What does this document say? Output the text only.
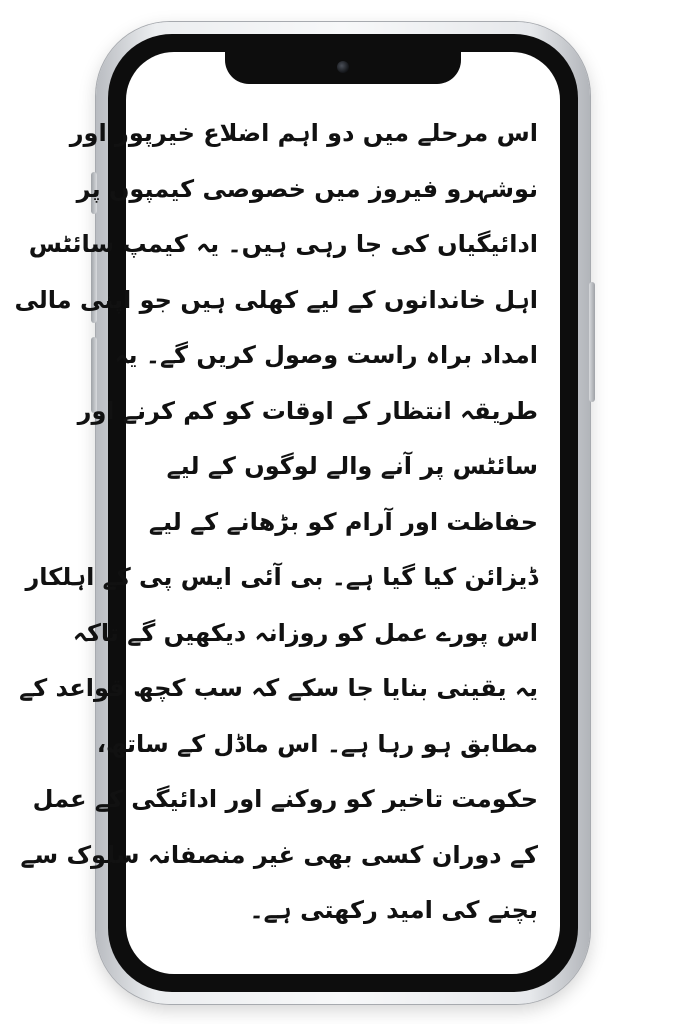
اس مرحلے میں دو اہم اضلاع خیرپور اور
نوشہرو فیروز میں خصوصی کیمپوں پر
ادائیگیاں کی جا رہی ہیں۔ یہ کیمپ سائٹس
اہل خاندانوں کے لیے کھلی ہیں جو اپنی مالی
امداد براہ راست وصول کریں گے۔ یہ
طریقہ انتظار کے اوقات کو کم کرنے اور
سائٹس پر آنے والے لوگوں کے لیے
حفاظت اور آرام کو بڑھانے کے لیے
ڈیزائن کیا گیا ہے۔ بی آئی ایس پی کے اہلکار
اس پورے عمل کو روزانہ دیکھیں گے تاکہ
یہ یقینی بنایا جا سکے کہ سب کچھ قواعد کے
مطابق ہو رہا ہے۔ اس ماڈل کے ساتھ،
حکومت تاخیر کو روکنے اور ادائیگی کے عمل
کے دوران کسی بھی غیر منصفانہ سلوک سے
بچنے کی امید رکھتی ہے۔
